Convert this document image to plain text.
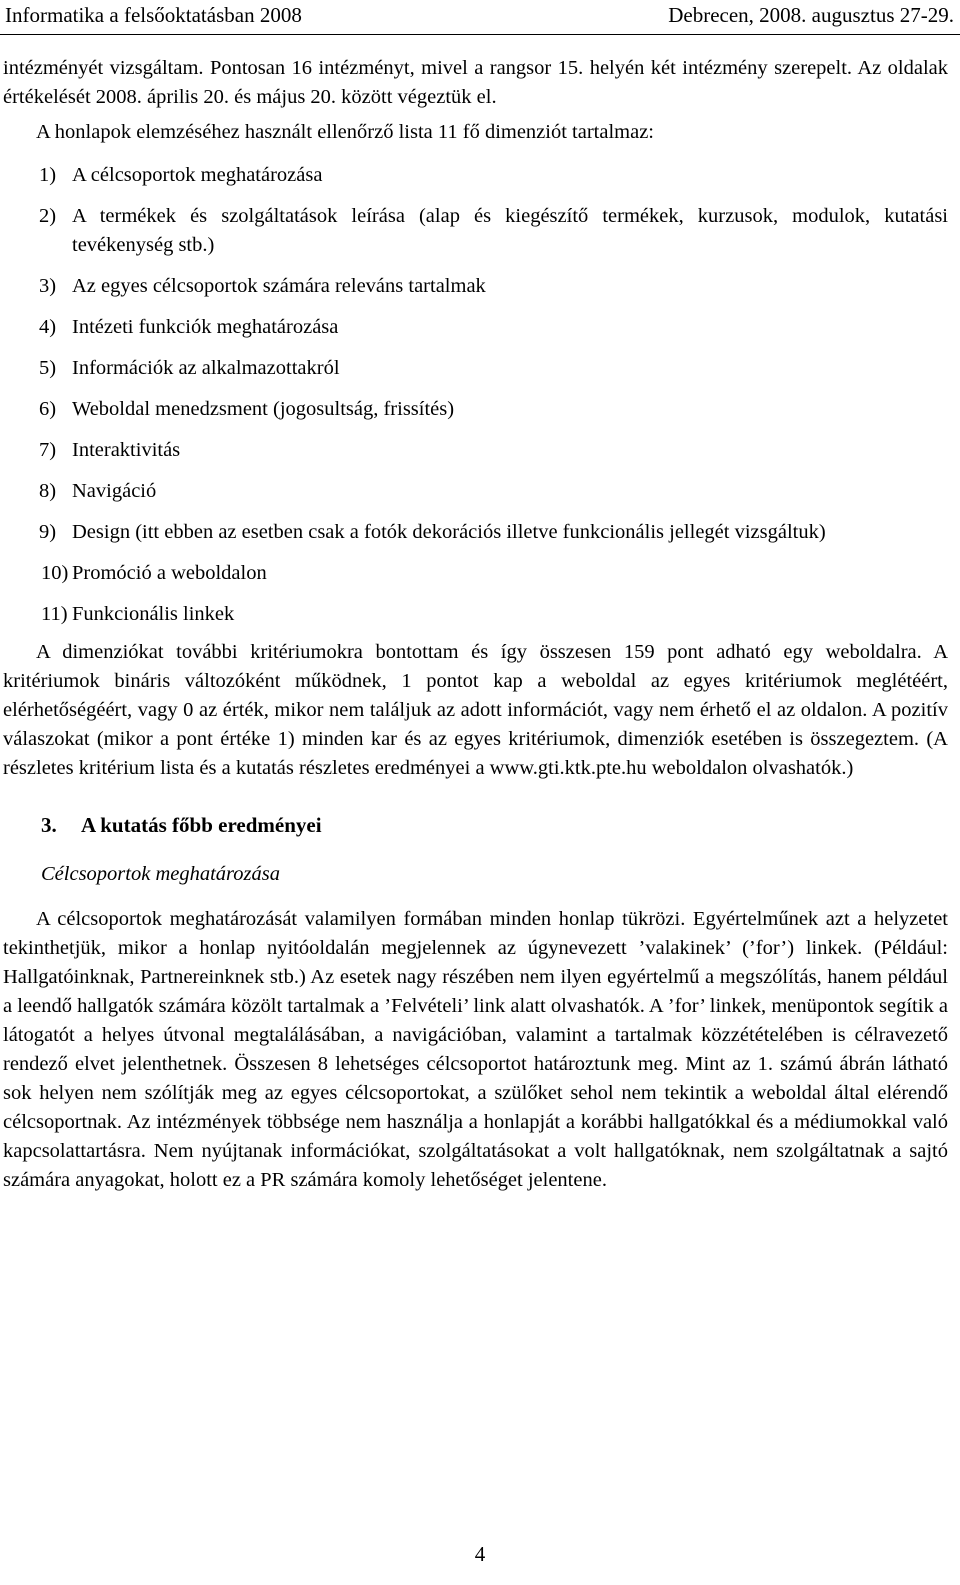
Informatika a felsőoktatásban 2008	Debrecen, 2008. augusztus 27-29.

intézményét vizsgáltam. Pontosan 16 intézményt, mivel a rangsor 15. helyén két intézmény szerepelt. Az oldalak értékelését 2008. április 20. és május 20. között végeztük el.

A honlapok elemzéséhez használt ellenőrző lista 11 fő dimenziót tartalmaz:

1) A célcsoportok meghatározása
2) A termékek és szolgáltatások leírása (alap és kiegészítő termékek, kurzusok, modulok, kutatási tevékenység stb.)
3) Az egyes célcsoportok számára releváns tartalmak
4) Intézeti funkciók meghatározása
5) Információk az alkalmazottakról
6) Weboldal menedzsment (jogosultság, frissítés)
7) Interaktivitás
8) Navigáció
9) Design (itt ebben az esetben csak a fotók dekorációs illetve funkcionális jellegét vizsgáltuk)
10) Promóció a weboldalon
11) Funkcionális linkek

A dimenziókat további kritériumokra bontottam és így összesen 159 pont adható egy weboldalra. A kritériumok bináris változóként működnek, 1 pontot kap a weboldal az egyes kritériumok meglétéért, elérhetőségéért, vagy 0 az érték, mikor nem találjuk az adott információt, vagy nem érhető el az oldalon. A pozitív válaszokat (mikor a pont értéke 1) minden kar és az egyes kritériumok, dimenziók esetében is összegeztem. (A részletes kritérium lista és a kutatás részletes eredményei a www.gti.ktk.pte.hu weboldalon olvashatók.)

3. A kutatás főbb eredményei
Célcsoportok meghatározása

A célcsoportok meghatározását valamilyen formában minden honlap tükrözi. Egyértelműnek azt a helyzetet tekinthetjük, mikor a honlap nyitóoldalán megjelennek az úgynevezett ’valakinek’ (’for’) linkek. (Például: Hallgatóinknak, Partnereinknek stb.) Az esetek nagy részében nem ilyen egyértelmű a megszólítás, hanem például a leendő hallgatók számára közölt tartalmak a ’Felvételi’ link alatt olvashatók. A ’for’ linkek, menüpontok segítik a látogatót a helyes útvonal megtalálásában, a navigációban, valamint a tartalmak közzétételében is célravezető rendező elvet jelenthetnek. Összesen 8 lehetséges célcsoportot határoztunk meg. Mint az 1. számú ábrán látható sok helyen nem szólítják meg az egyes célcsoportokat, a szülőket sehol nem tekintik a weboldal által elérendő célcsoportnak. Az intézmények többsége nem használja a honlapját a korábbi hallgatókkal és a médiumokkal való kapcsolattartásra. Nem nyújtanak információkat, szolgáltatásokat a volt hallgatóknak, nem szolgáltatnak a sajtó számára anyagokat, holott ez a PR számára komoly lehetőséget jelentene.

4
